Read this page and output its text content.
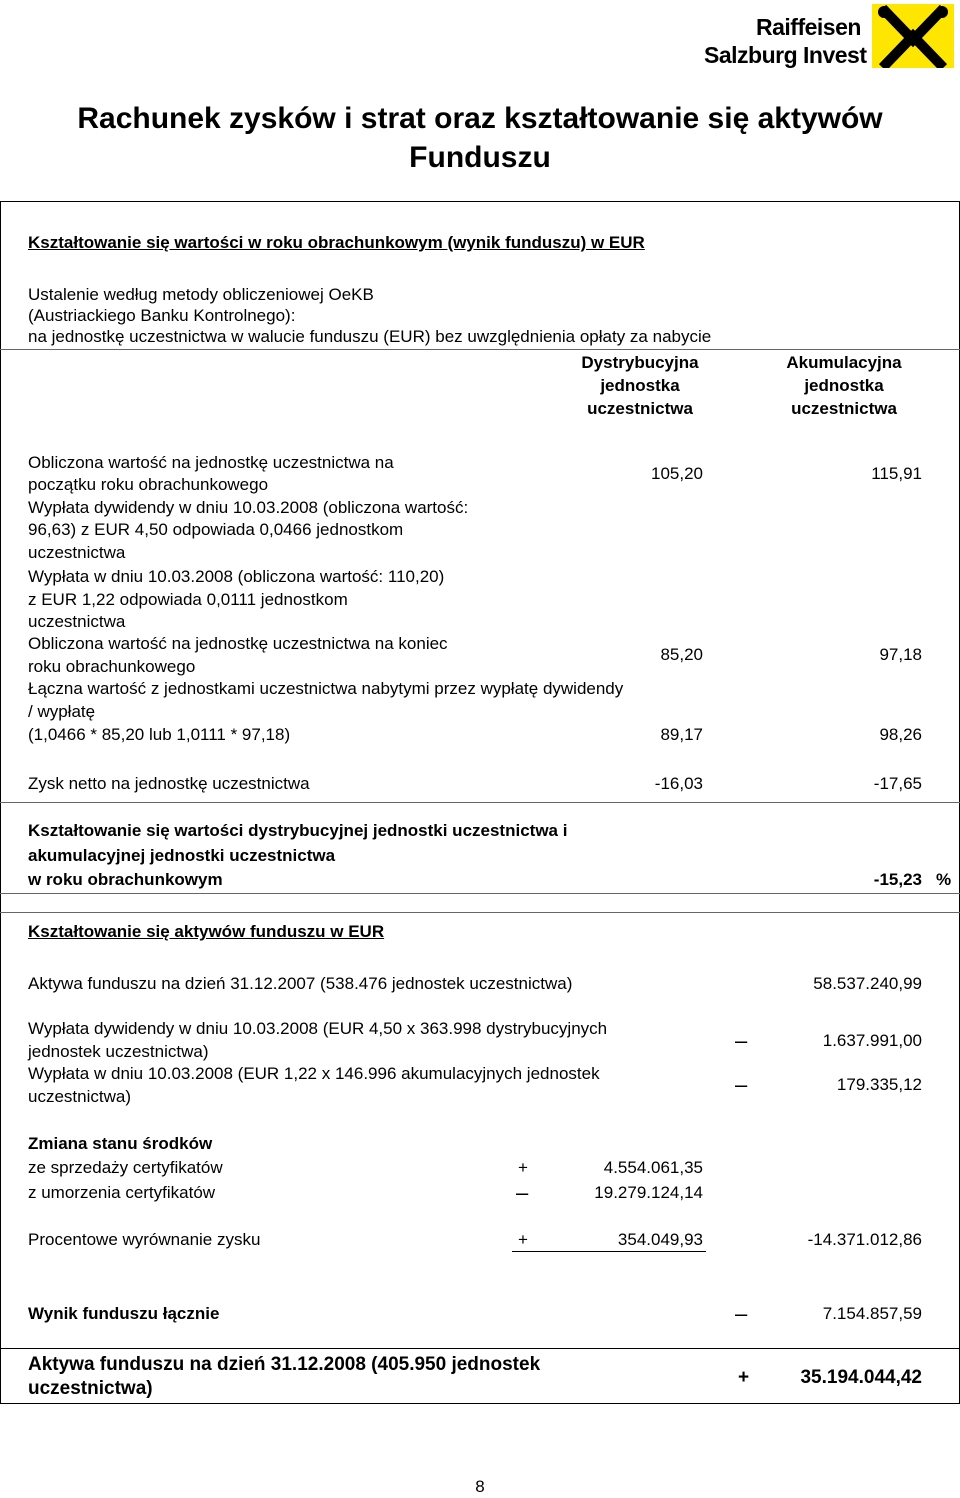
Raiffeisen
Salzburg Invest
Rachunek zysków i strat oraz kształtowanie się aktywów
Funduszu
Kształtowanie się wartości w roku obrachunkowym (wynik funduszu) w EUR
Ustalenie według metody obliczeniowej OeKB
(Austriackiego Banku Kontrolnego):
na jednostkę uczestnictwa w walucie funduszu (EUR) bez uwzględnienia opłaty za nabycie
Dystrybucyjna
jednostka
uczestnictwa
Akumulacyjna
jednostka
uczestnictwa
Obliczona wartość na jednostkę uczestnictwa na
początku roku obrachunkowego
105,20	115,91
Wypłata dywidendy w dniu 10.03.2008 (obliczona wartość:
96,63) z EUR 4,50 odpowiada 0,0466 jednostkom
uczestnictwa
Wypłata w dniu 10.03.2008 (obliczona wartość: 110,20)
z EUR 1,22 odpowiada 0,0111 jednostkom
uczestnictwa
Obliczona wartość na jednostkę uczestnictwa na koniec
roku obrachunkowego
85,20	97,18
Łączna wartość z jednostkami uczestnictwa nabytymi przez wypłatę dywidendy
/ wypłatę
(1,0466 * 85,20 lub 1,0111 * 97,18)	89,17	98,26
Zysk netto na jednostkę uczestnictwa	-16,03	-17,65
Kształtowanie się wartości dystrybucyjnej jednostki uczestnictwa i
akumulacyjnej jednostki uczestnictwa
w roku obrachunkowym	-15,23 %
Kształtowanie się aktywów funduszu w EUR
Aktywa funduszu na dzień 31.12.2007 (538.476 jednostek uczestnictwa)	58.537.240,99
Wypłata dywidendy w dniu 10.03.2008 (EUR 4,50 x 363.998 dystrybucyjnych
jednostek uczestnictwa)	–	1.637.991,00
Wypłata w dniu 10.03.2008 (EUR 1,22 x 146.996 akumulacyjnych jednostek
uczestnictwa)	–	179.335,12
Zmiana stanu środków
ze sprzedaży certyfikatów	+	4.554.061,35
z umorzenia certyfikatów	–	19.279.124,14
Procentowe wyrównanie zysku	+	354.049,93	-14.371.012,86
Wynik funduszu łącznie	–	7.154.857,59
Aktywa funduszu na dzień 31.12.2008 (405.950 jednostek
uczestnictwa)
+	35.194.044,42
8
